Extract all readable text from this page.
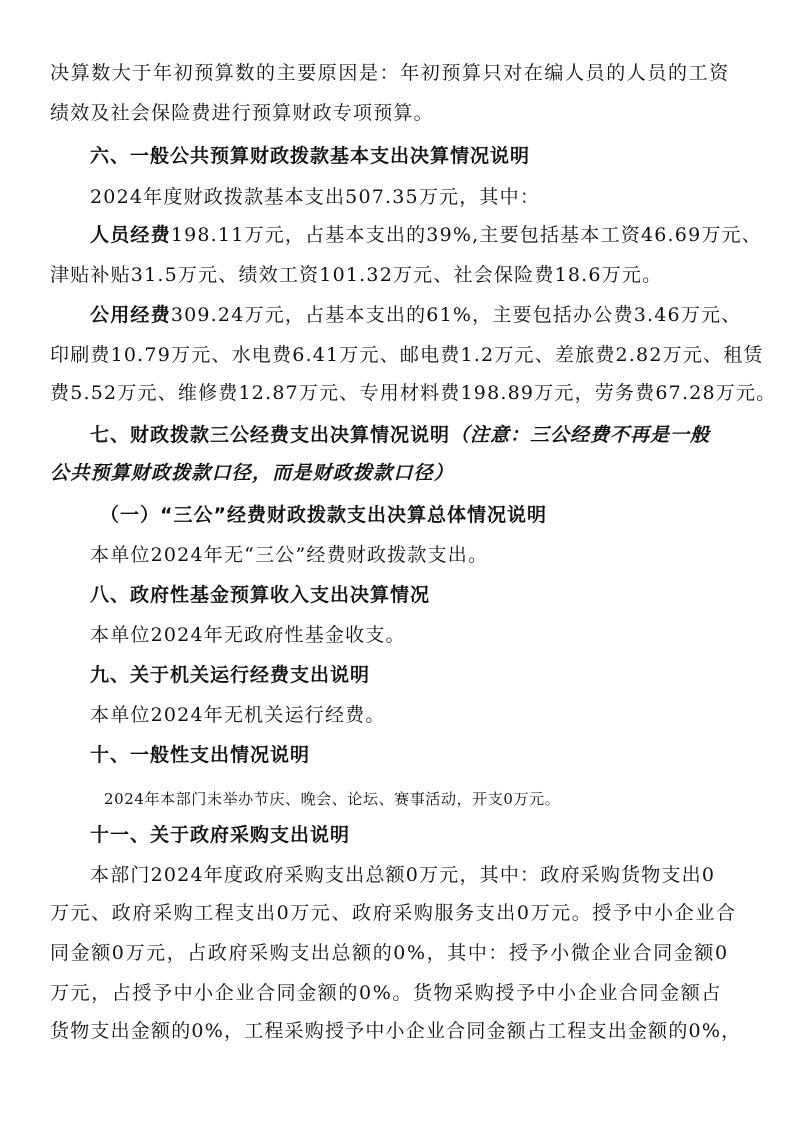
决算数大于年初预算数的主要原因是：年初预算只对在编人员的人员的工资
绩效及社会保险费进行预算财政专项预算。
六、一般公共预算财政拨款基本支出决算情况说明
2024年度财政拨款基本支出507.35万元，其中：
人员经费198.11万元，占基本支出的39%,主要包括基本工资46.69万元、
津贴补贴31.5万元、绩效工资101.32万元、社会保险费18.6万元。
公用经费309.24万元，占基本支出的61%，主要包括办公费3.46万元、
印刷费10.79万元、水电费6.41万元、邮电费1.2万元、差旅费2.82万元、租赁
费5.52万元、维修费12.87万元、专用材料费198.89万元，劳务费67.28万元。
七、财政拨款三公经费支出决算情况说明（注意：三公经费不再是一般
公共预算财政拨款口径，而是财政拨款口径）
（一）“三公”经费财政拨款支出决算总体情况说明
本单位2024年无“三公”经费财政拨款支出。
八、政府性基金预算收入支出决算情况
本单位2024年无政府性基金收支。
九、关于机关运行经费支出说明
本单位2024年无机关运行经费。
十、一般性支出情况说明
2024年本部门未举办节庆、晚会、论坛、赛事活动，开支0万元。
十一、关于政府采购支出说明
本部门2024年度政府采购支出总额0万元，其中：政府采购货物支出0
万元、政府采购工程支出0万元、政府采购服务支出0万元。授予中小企业合
同金额0万元，占政府采购支出总额的0%，其中：授予小微企业合同金额0
万元，占授予中小企业合同金额的0%。货物采购授予中小企业合同金额占
货物支出金额的0%，工程采购授予中小企业合同金额占工程支出金额的0%，
